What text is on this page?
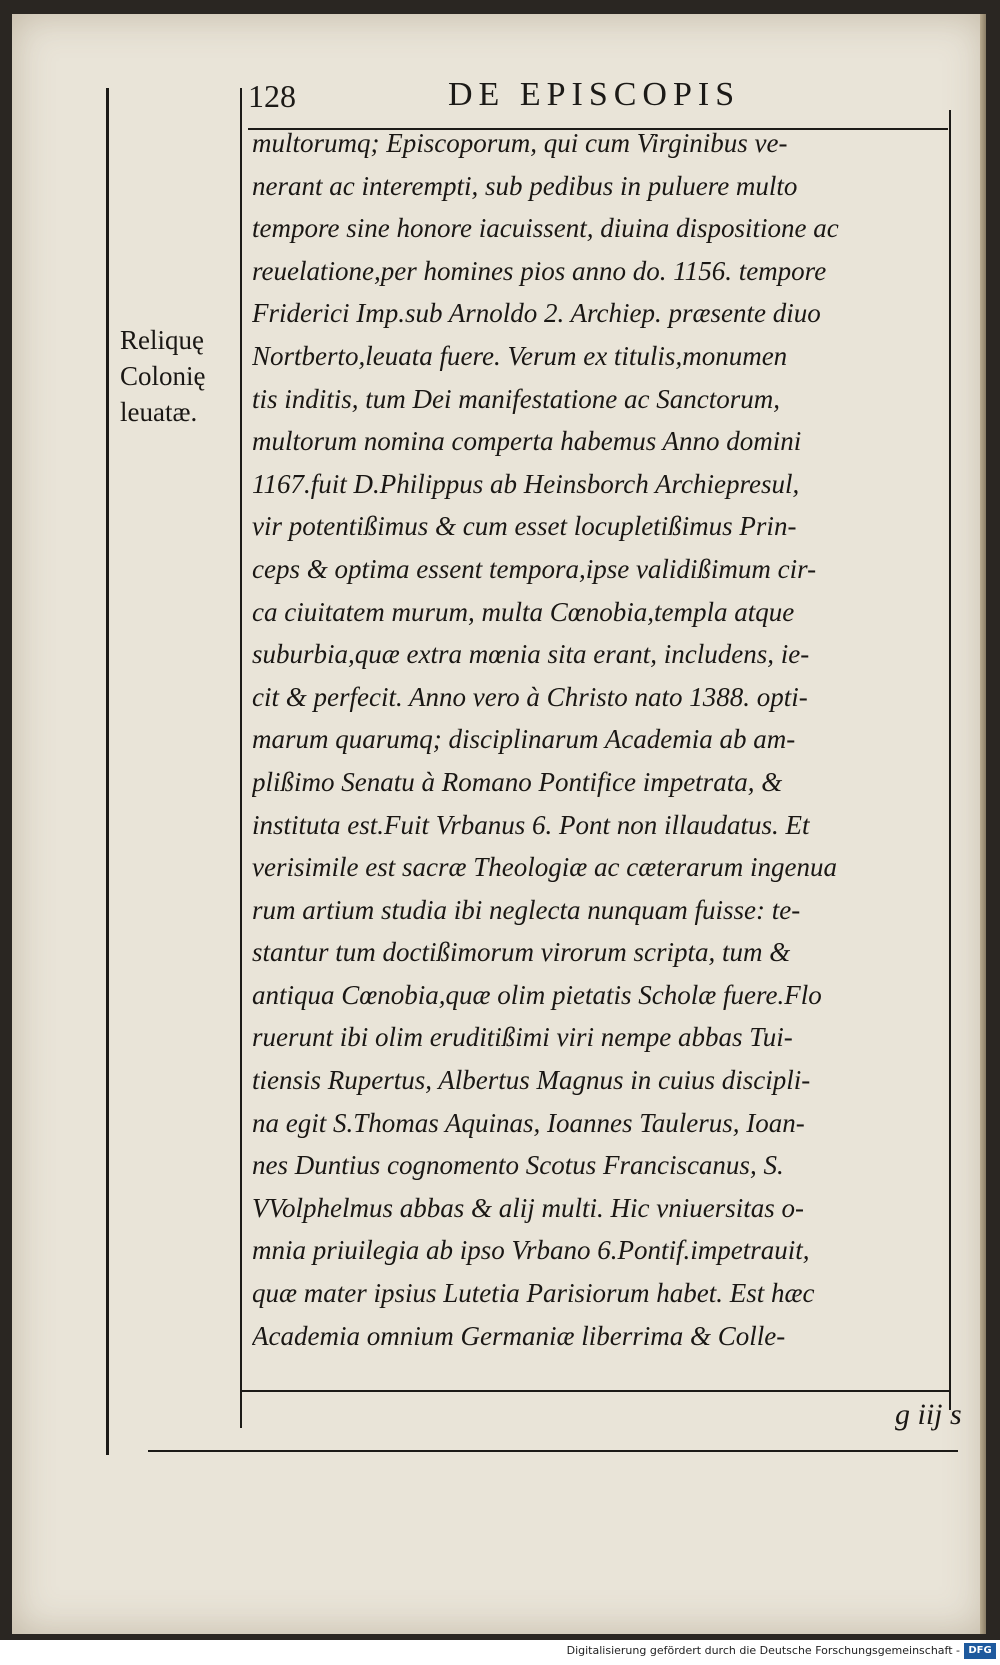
128	DE EPISCOPIS
Reliquę
Colonię
leuatæ.
multorumq; Episcoporum, qui cum Virginibus ve-
nerant ac interempti, sub pedibus in puluere multo
tempore sine honore iacuissent, diuina dispositione ac
reuelatione,per homines pios anno do. 1156. tempore
Friderici Imp.sub Arnoldo 2. Archiep. præsente diuo
Nortberto,leuata fuere. Verum ex titulis,monumen
tis inditis, tum Dei manifestatione ac Sanctorum,
multorum nomina comperta habemus Anno domini
1167.fuit D.Philippus ab Heinsborch Archiepresul,
vir potentißimus & cum esset locupletißimus Prin-
ceps & optima essent tempora,ipse validißimum cir-
ca ciuitatem murum, multa Cœnobia,templa atque
suburbia,quæ extra mœnia sita erant, includens, ie-
cit & perfecit. Anno vero à Christo nato 1388. opti-
marum quarumq; disciplinarum Academia ab am-
plißimo Senatu à Romano Pontifice impetrata, &
instituta est.Fuit Vrbanus 6. Pont non illaudatus. Et
verisimile est sacræ Theologiæ ac cæterarum ingenua
rum artium studia ibi neglecta nunquam fuisse: te-
stantur tum doctißimorum virorum scripta, tum &
antiqua Cœnobia,quæ olim pietatis Scholæ fuere.Flo
ruerunt ibi olim eruditißimi viri nempe abbas Tui-
tiensis Rupertus, Albertus Magnus in cuius discipli-
na egit S.Thomas Aquinas, Ioannes Taulerus, Ioan-
nes Duntius cognomento Scotus Franciscanus, S.
VVolphelmus abbas & alij multi. Hic vniuersitas o-
mnia priuilegia ab ipso Vrbano 6.Pontif.impetrauit,
quæ mater ipsius Lutetia Parisiorum habet. Est hæc
Academia omnium Germaniæ liberrima & Colle-
g iij s
Digitalisierung gefördert durch die Deutsche Forschungsgemeinschaft - DFG
